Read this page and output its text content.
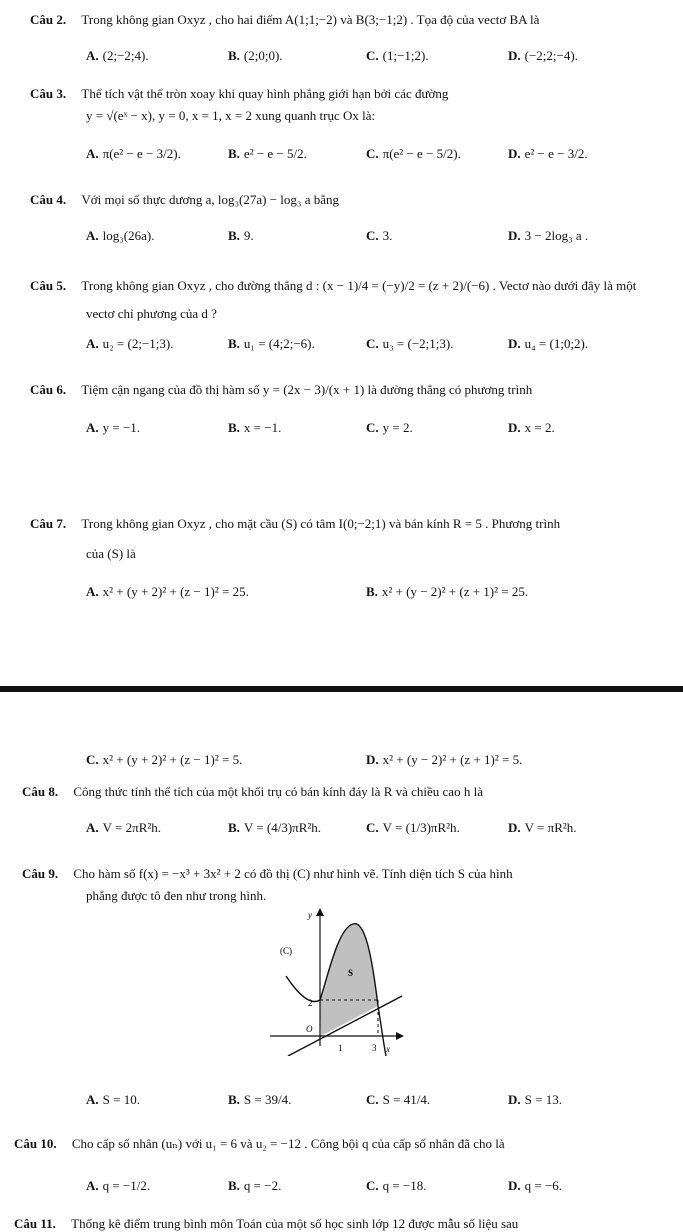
Câu 2. Trong không gian Oxyz , cho hai điểm A(1;1;−2) và B(3;−1;2) . Tọa độ của vectơ BA là
A. (2;−2;4).	B. (2;0;0).	C. (1;−1;2).	D. (−2;2;−4).
Câu 3. Thể tích vật thể tròn xoay khi quay hình phẳng giới hạn bởi các đường
y = √(eˣ − x), y = 0, x = 1, x = 2 xung quanh trục Ox là:
A. π(e² − e − 3/2).	B. e² − e − 5/2.	C. π(e² − e − 5/2).	D. e² − e − 3/2.
Câu 4. Với mọi số thực dương a, log₃(27a) − log₃ a bằng
A. log₃(26a).	B. 9.	C. 3.	D. 3 − 2log₃ a .
Câu 5. Trong không gian Oxyz , cho đường thẳng d : (x − 1)/4 = (−y)/2 = (z + 2)/(−6) . Vectơ nào dưới đây là một
vectơ chỉ phương của d ?
A. u₂ = (2;−1;3).	B. u₁ = (4;2;−6).	C. u₃ = (−2;1;3).	D. u₄ = (1;0;2).
Câu 6. Tiệm cận ngang của đồ thị hàm số y = (2x − 3)/(x + 1) là đường thẳng có phương trình
A. y = −1.	B. x = −1.	C. y = 2.	D. x = 2.
Câu 7. Trong không gian Oxyz , cho mặt cầu (S) có tâm I(0;−2;1) và bán kính R = 5 . Phương trình
của (S) là
A. x² + (y + 2)² + (z − 1)² = 25.	B. x² + (y − 2)² + (z + 1)² = 25.
C. x² + (y + 2)² + (z − 1)² = 5.	D. x² + (y − 2)² + (z + 1)² = 5.
Câu 8. Công thức tính thể tích của một khối trụ có bán kính đáy là R và chiều cao h là
A. V = 2πR²h.	B. V = (4/3)πR²h.	C. V = (1/3)πR²h.	D. V = πR²h.
Câu 9. Cho hàm số f(x) = −x³ + 3x² + 2 có đồ thị (C) như hình vẽ. Tính diện tích S của hình
phẳng được tô đen như trong hình.
y
x
(C)
S
2
O
1	3
A. S = 10.	B. S = 39/4.	C. S = 41/4.	D. S = 13.
Câu 10. Cho cấp số nhân (uₙ) với u₁ = 6 và u₂ = −12 . Công bội q của cấp số nhân đã cho là
A. q = −1/2.	B. q = −2.	C. q = −18.	D. q = −6.
Câu 11. Thống kê điểm trung bình môn Toán của một số học sinh lớp 12 được mẫu số liệu sau
